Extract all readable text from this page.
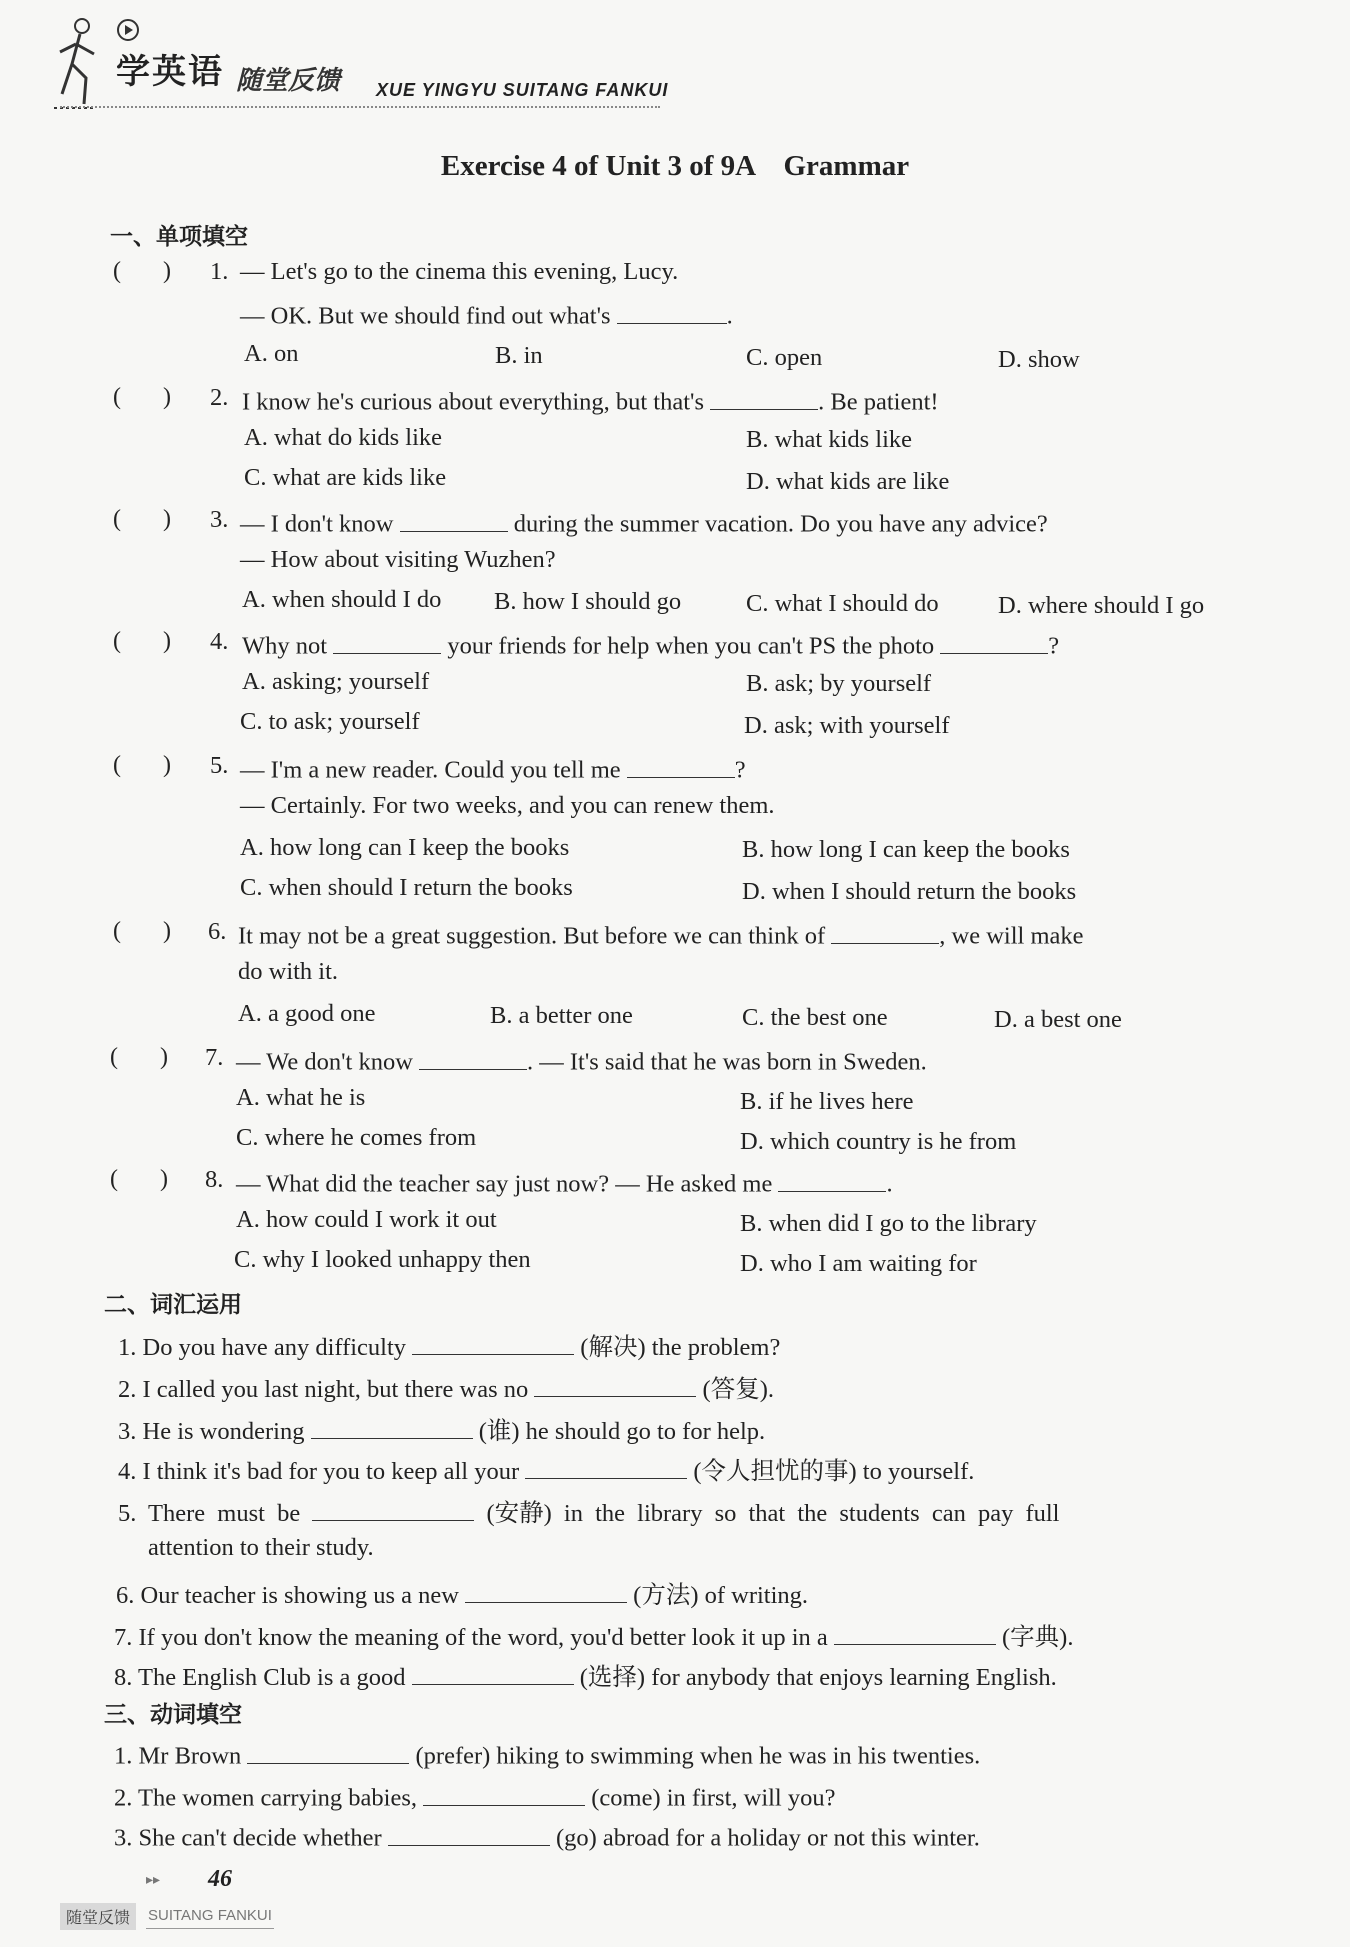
学英语 随堂反馈 XUE YINGYU SUITANG FANKUI
Exercise 4 of Unit 3 of 9A    Grammar
一、单项填空
(       ) 1. — Let's go to the cinema this evening, Lucy.
— OK. But we should find out what's	.
A. on	B. in	C. open	D. show
(       ) 2. I know he's curious about everything, but that's	. Be patient!
A. what do kids like	B. what kids like
C. what are kids like	D. what kids are like
(       ) 3. — I don't know	during the summer vacation. Do you have any advice?
— How about visiting Wuzhen?
A. when should I do B. how I should go	C. what I should do D. where should I go
(       ) 4. Why not	your friends for help when you can't PS the photo	?
A. asking; yourself	B. ask; by yourself
C. to ask; yourself	D. ask; with yourself
(       ) 5. — I'm a new reader. Could you tell me	?
— Certainly. For two weeks, and you can renew them.
A. how long can I keep the books	B. how long I can keep the books
C. when should I return the books	D. when I should return the books
(       ) 6. It may not be a great suggestion. But before we can think of	, we will make
do with it.
A. a good one	B. a better one	C. the best one	D. a best one
(       ) 7. — We don't know	. — It's said that he was born in Sweden.
A. what he is	B. if he lives here
C. where he comes from	D. which country is he from
(       ) 8. — What did the teacher say just now? — He asked me	.
A. how could I work it out	B. when did I go to the library
C. why I looked unhappy then	D. who I am waiting for
二、词汇运用
1. Do you have any difficulty	(解决) the problem?
2. I called you last night, but there was no	(答复).
3. He is wondering	(谁) he should go to for help.
4. I think it's bad for you to keep all your	(令人担忧的事) to yourself.
5. There must be	(安静) in the library so that the students can pay full
attention to their study.
6. Our teacher is showing us a new	(方法) of writing.
7. If you don't know the meaning of the word, you'd better look it up in a	(字典).
8. The English Club is a good	(选择) for anybody that enjoys learning English.
三、动词填空
1. Mr Brown	(prefer) hiking to swimming when he was in his twenties.
2. The women carrying babies,	(come) in first, will you?
3. She can't decide whether	(go) abroad for a holiday or not this winter.
▸▸ 46
随堂反馈	SUITANG FANKUI
